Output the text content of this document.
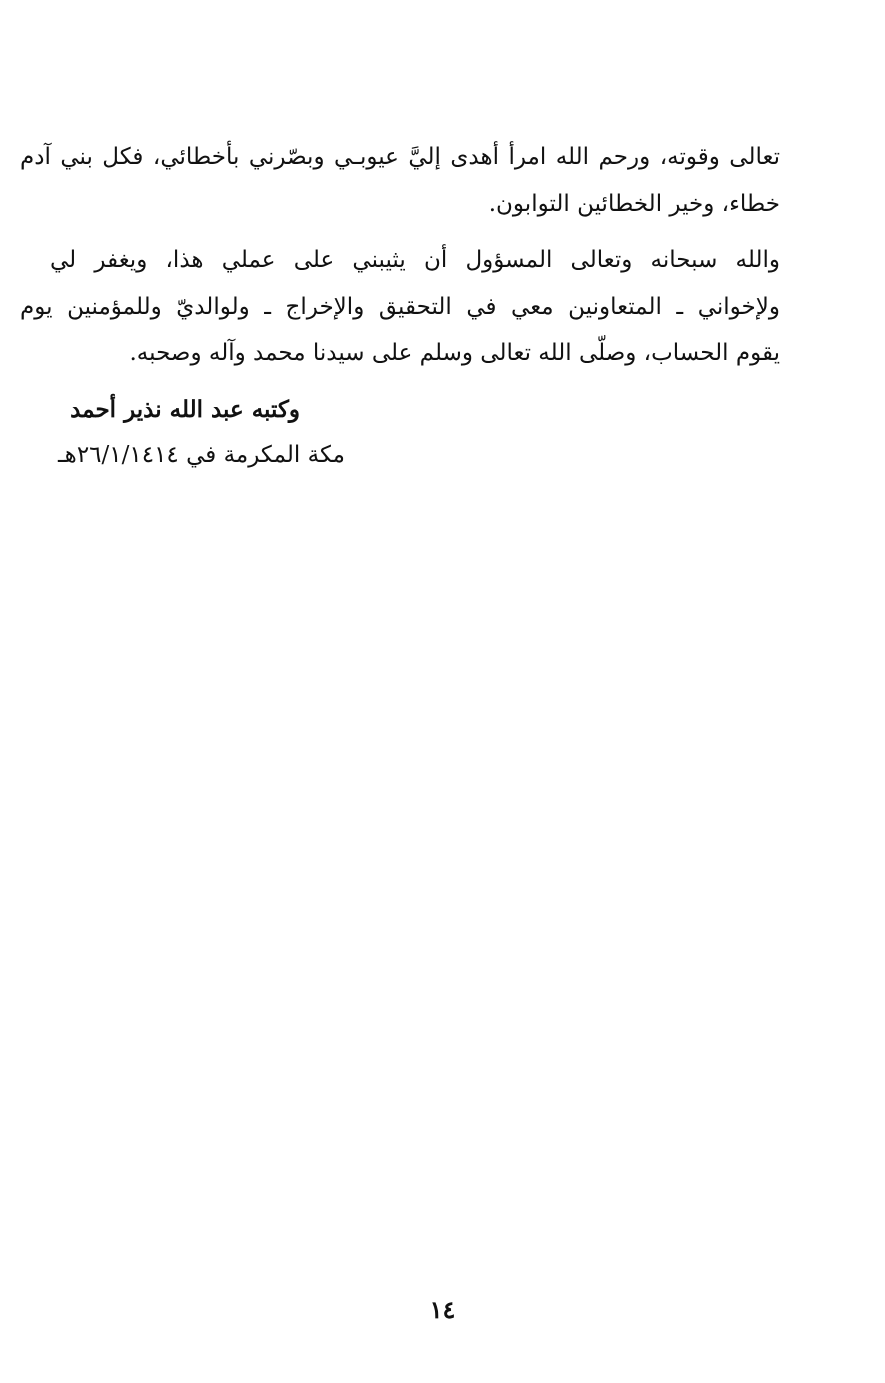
تعالى وقوته، ورحم الله امرأ أهدى إليَّ عيوبـي وبصّرني بأخطائي، فكل بني آدم
خطاء، وخير الخطائين التوابون.
والله سبحانه وتعالى المسؤول أن يثيبني على عملي هذا، ويغفر لي
ولإخواني ـ المتعاونين معي في التحقيق والإخراج ـ ولوالديّ وللمؤمنين يوم
يقوم الحساب، وصلّى الله تعالى وسلم على سيدنا محمد وآله وصحبه.
وكتبه عبد الله نذير أحمد
مكة المكرمة في ٢٦/١/١٤١٤هـ
١٤
